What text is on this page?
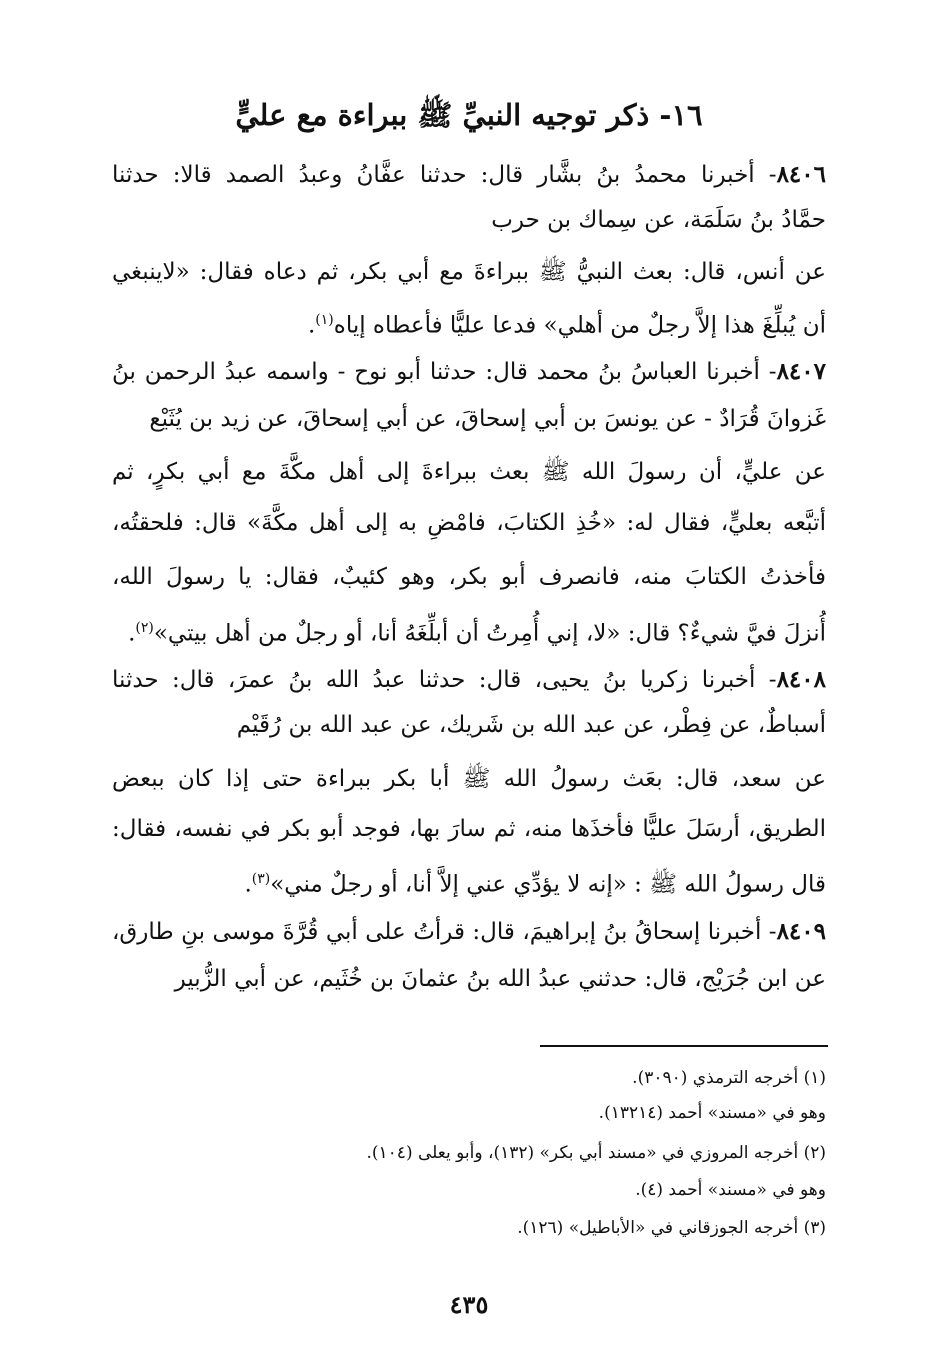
١٦- ذكر توجيه النبيِّ ﷺ ببراءة مع عليٍّ
٨٤٠٦- أخبرنا محمدُ بنُ بشَّار قال: حدثنا عفَّانُ وعبدُ الصمد قالا: حدثنا
حمَّادُ بنُ سَلَمَة، عن سِماك بن حرب
عن أنس، قال: بعث النبيُّ ﷺ ببراءةَ مع أبي بكر، ثم دعاه فقال: «لاينبغي
أن يُبلِّغَ هذا إلاَّ رجلٌ من أهلي» فدعا عليًّا فأعطاه إياه$^{(١)}$.
٨٤٠٧- أخبرنا العباسُ بنُ محمد قال: حدثنا أبو نوح - واسمه عبدُ الرحمن بنُ
غَزوانَ قُرَادٌ - عن يونسَ بن أبي إسحاقَ، عن أبي إسحاقَ، عن زيد بن يُثَيْع
عن عليٍّ، أن رسولَ الله ﷺ بعث ببراءةَ إلى أهل مكَّةَ مع أبي بكرٍ، ثم
أتبَّعه بعليٍّ، فقال له: «خُذِ الكتابَ، فامْضِ به إلى أهل مكَّةَ» قال: فلحقتُه،
فأخذتُ الكتابَ منه، فانصرف أبو بكر، وهو كئيبٌ، فقال: يا رسولَ الله،
أُنزلَ فيَّ شيءٌ؟ قال: «لا، إني أُمِرتُ أن أبلِّغَهُ أنا، أو رجلٌ من أهل بيتي»$^{(٢)}$.
٨٤٠٨- أخبرنا زكريا بنُ يحيى، قال: حدثنا عبدُ الله بنُ عمرَ، قال: حدثنا
أسباطٌ، عن فِطْر، عن عبد الله بن شَريك، عن عبد الله بن رُقَيْم
عن سعد، قال: بعَث رسولُ الله ﷺ أبا بكر ببراءة حتى إذا كان ببعض
الطريق، أرسَلَ عليًّا فأخذَها منه، ثم سارَ بها، فوجد أبو بكر في نفسه، فقال:
قال رسولُ الله ﷺ : «إنه لا يؤدِّي عني إلاَّ أنا، أو رجلٌ مني»$^{(٣)}$.
٨٤٠٩- أخبرنا إسحاقُ بنُ إبراهيمَ، قال: قرأتُ على أبي قُرَّةَ موسى بنِ طارق،
عن ابن جُرَيْج، قال: حدثني عبدُ الله بنُ عثمانَ بن خُثَيم، عن أبي الزُّبير
(١) أخرجه الترمذي (٣٠٩٠).
وهو في «مسند» أحمد (١٣٢١٤).
(٢) أخرجه المروزي في «مسند أبي بكر» (١٣٢)، وأبو يعلى (١٠٤).
وهو في «مسند» أحمد (٤).
(٣) أخرجه الجوزقاني في «الأباطيل» (١٢٦).
٤٣٥
